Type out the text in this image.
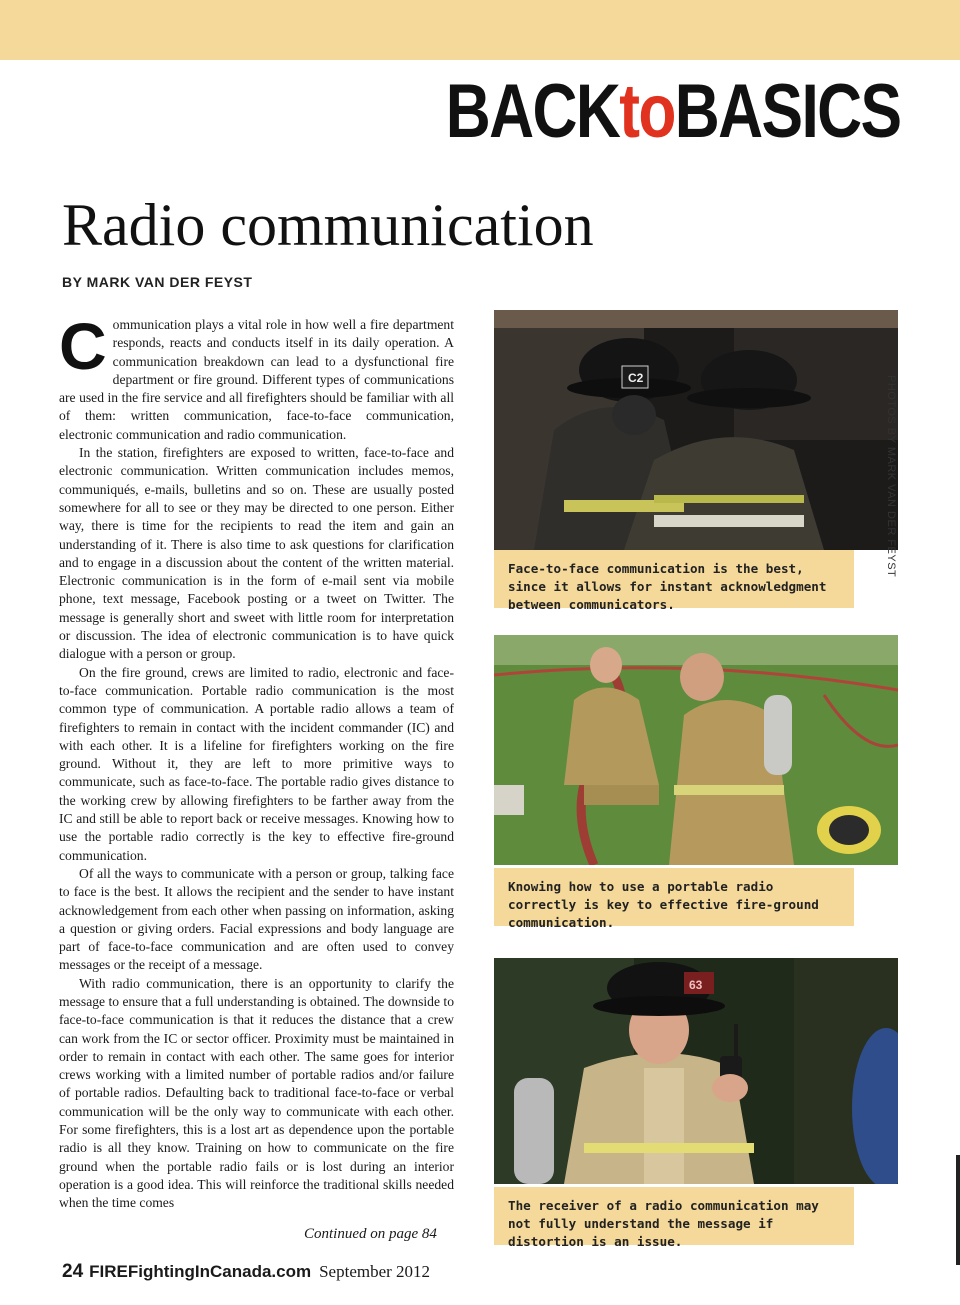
BACKtoBASICS
Radio communication
BY MARK VAN DER FEYST

Communication plays a vital role in how well a fire department responds, reacts and conducts itself in its daily operation. A communication breakdown can lead to a dysfunctional fire department or fire ground. Different types of communications are used in the fire service and all firefighters should be familiar with all of them: written communication, face-to-face communication, electronic communication and radio communication.

In the station, firefighters are exposed to written, face-to-face and electronic communication. Written communication includes memos, communiqués, e-mails, bulletins and so on. These are usually posted somewhere for all to see or they may be directed to one person. Either way, there is time for the recipients to read the item and gain an understanding of it. There is also time to ask questions for clarification and to engage in a discussion about the content of the written material. Electronic communication is in the form of e-mail sent via mobile phone, text message, Facebook posting or a tweet on Twitter. The message is generally short and sweet with little room for interpretation or discussion. The idea of electronic communication is to have quick dialogue with a person or group.

On the fire ground, crews are limited to radio, electronic and face-to-face communication. Portable radio communication is the most common type of communication. A portable radio allows a team of firefighters to remain in contact with the incident commander (IC) and with each other. It is a lifeline for firefighters working on the fire ground. Without it, they are left to more primitive ways to communicate, such as face-to-face. The portable radio gives distance to the working crew by allowing firefighters to be farther away from the IC and still be able to report back or receive messages. Knowing how to use the portable radio correctly is the key to effective fire-ground communication.

Of all the ways to communicate with a person or group, talking face to face is the best. It allows the recipient and the sender to have instant acknowledgement from each other when passing on information, asking a question or giving orders. Facial expressions and body language are part of face-to-face communication and are often used to convey messages or the receipt of a message.

With radio communication, there is an opportunity to clarify the message to ensure that a full understanding is obtained. The downside to face-to-face communication is that it reduces the distance that a crew can work from the IC or sector officer. Proximity must be maintained in order to remain in contact with each other. The same goes for interior crews working with a limited number of portable radios and/or failure of portable radios. Defaulting back to traditional face-to-face or verbal communication will be the only way to communicate with each other. For some firefighters, this is a lost art as dependence upon the portable radio is all they know. Training on how to communicate on the fire ground when the portable radio fails or is lost during an interior operation is a good idea. This will reinforce the traditional skills needed when the time comes

Continued on page 84
24 FIREFightingInCanada.com September 2012
C2
Face-to-face communication is the best, since it allows for instant acknowledgment between communicators.
Knowing how to use a portable radio correctly is key to effective fire-ground communication.
63
The receiver of a radio communication may not fully understand the message if distortion is an issue.
PHOTOS BY MARK VAN DER FEYST
